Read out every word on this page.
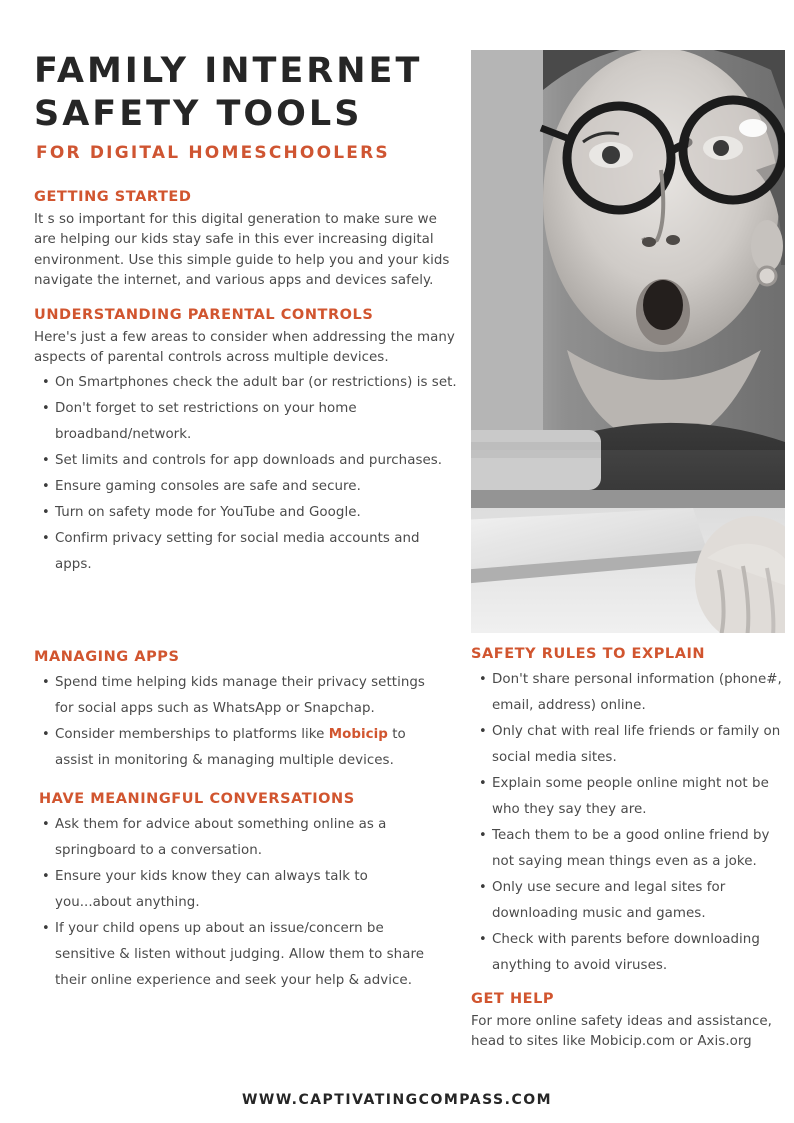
FAMILY INTERNET
SAFETY TOOLS
FOR DIGITAL HOMESCHOOLERS
GETTING STARTED

It s so important for this digital generation to make sure we are helping our kids stay safe in this ever increasing digital environment. Use this simple guide to help you and your kids navigate the internet, and various apps and devices safely.

UNDERSTANDING PARENTAL CONTROLS

Here's just a few areas to consider when addressing the many aspects of parental controls across multiple devices.

• On Smartphones check the adult bar (or restrictions) is set.
• Don't forget to set restrictions on your home broadband/network.
• Set limits and controls for app downloads and purchases.
• Ensure gaming consoles are safe and secure.
• Turn on safety mode for YouTube and Google.
• Confirm privacy setting for social media accounts and apps.
MANAGING APPS
• Spend time helping kids manage their privacy settings for social apps such as WhatsApp or Snapchap.
• Consider memberships to platforms like Mobicip to assist in monitoring & managing multiple devices.
HAVE MEANINGFUL CONVERSATIONS
• Ask them for advice about something online as a springboard to a conversation.
• Ensure your kids know they can always talk to you...about anything.
• If your child opens up about an issue/concern be sensitive & listen without judging. Allow them to share their online experience and seek your help & advice.
SAFETY RULES TO EXPLAIN
• Don't share personal information (phone#, email, address) online.
• Only chat with real life friends or family on social media sites.
• Explain some people online might not be who they say they are.
• Teach them to be a good online friend by not saying mean things even as a joke.
• Only use secure and legal sites for downloading music and games.
• Check with parents before downloading anything to avoid viruses.
GET HELP

For more online safety ideas and assistance, head to sites like Mobicip.com or Axis.org

WWW.CAPTIVATINGCOMPASS.COM
